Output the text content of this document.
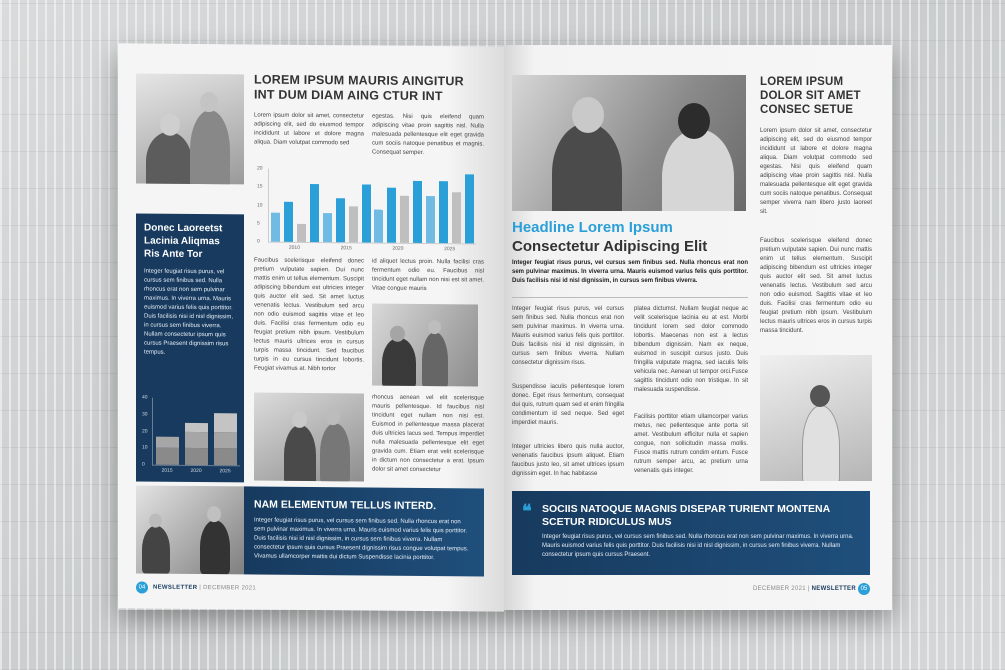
LOREM IPSUM MAURIS AINGITUR INT DUM DIAM AING CTUR INT
Lorem ipsum dolor sit amet, consectetur adipiscing elit, sed do eiusmod tempor incididunt ut labore et dolore magna aliqua. Diam volutpat commodo sed
egestas. Nisi quis eleifend quam adipiscing vitae proin sagittis nisl. Nulla malesuada pellentesque elit eget gravida cum sociis natoque penatibus et magnis. Consequat semper.
Donec Laoreetst Lacinia Aliqmas Ris Ante Tor
Integer feugiat risus purus, vel cursus sem finibus sed. Nulla rhoncus erat non sem pulvinar maximus. In viverra urna. Mauris euismod varius felis quis porttitor. Duis facilisis nisi id nisl dignissim, in cursus sem finibus viverra. Nullam consectetur ipsum quis cursus Praesent dignissim risus tempus.
2015	2020	2025
0
10
20
30
40
2010	2015	2020	2025
0
5
10
15
20
Faucibus scelerisque eleifend donec pretium vulputate sapien. Dui nunc mattis enim ut tellus elementum. Suscipit adipiscing bibendum est ultricies integer quis auctor elit sed. Sit amet luctus venenatis lectus. Vestibulum sed arcu non odio euismod sagittis vitae et leo duis. Facilisi cras fermentum odio eu feugiat pretium nibh ipsum. Vestibulum lectus mauris ultrices eros in cursus turpis massa tincidunt. Sed faucibus turpis in eu cursus tincidunt lobortis. Feugiat vivamus at. Nibh tortor
id aliquet lectus proin. Nulla facilisi cras fermentum odio eu. Faucibus nisl tincidunt eget nullam non nisi est sit amet. Vitae congue mauris
rhoncus aenean vel elit scelerisque mauris pellentesque. Id faucibus nisl tincidunt eget nullam non nisi est. Euismod in pellentesque massa placerat duis ultricies lacus sed. Tempus imperdiet nulla malesuada pellentesque elit eget gravida cum. Etiam erat velit scelerisque in dictum non consectetur a erat. Ipsum dolor sit amet consectetur
NAM ELEMENTUM TELLUS INTERD.
Integer feugiat risus purus, vel cursus sem finibus sed. Nulla rhoncus erat non sem pulvinar maximus. In viverra urna. Mauris euismod varius felis quis porttitor. Duis facilisis nisi id nisl dignissim, in cursus sem finibus viverra. Nullam consectetur ipsum quis cursus Praesent dignissim risus congue volutpat tempus. Vivamus ullamcorper mattis dui dictum Suspendisse lacinia porttitor.
04	NEWSLETTER | DECEMBER 2021
Headline Lorem Ipsum
Consectetur Adipiscing Elit
Integer feugiat risus purus, vel cursus sem finibus sed. Nulla rhoncus erat non sem pulvinar maximus. In viverra urna. Mauris euismod varius felis quis porttitor. Duis facilisis nisi id nisl dignissim, in cursus sem finibus viverra.
Integer feugiat risus purus, vel cursus sem finibus sed. Nulla rhoncus erat non sem pulvinar maximus. In viverra urna. Mauris euismod varius felis quis porttitor. Duis facilisis nisi id nisl dignissim, in cursus sem finibus viverra. Nullam consectetur dignissim risus.
Suspendisse iaculis pellentesque lorem donec. Eget risus fermentum, consequat dui quis, rutrum quam sed et enim fringilla condimentum id sed neque. Sed eget imperdiet mauris.
Integer ultricies libero quis nulla auctor, venenatis faucibus ipsum aliquet. Etiam faucibus justo leo, sit amet ultrices ipsum dignissim eget. In hac habitasse
platea dictumst. Nullam feugiat neque ac velit scelerisque lacinia eu at est. Morbi tincidunt lorem sed dolor commodo lobortis. Maecenas non est a lectus bibendum dignissim. Nam ex neque, euismod in suscipit cursus justo. Duis fringilla vulputate magna, sed iaculis felis vehicula nec. Aenean ut tempor orci.Fusce sagittis tincidunt odio non tristique. In sit malesuada suspendisse.
Facilisis porttitor etiam ullamcorper varius metus, nec pellentesque ante porta sit amet. Vestibulum efficitur nulla et sapien congue, non sollicitudin massa mollis. Fusce mattis rutrum condim entum. Fusce rutrum semper arcu, ac pretium urna venenatis quis integer.
LOREM IPSUM DOLOR SIT AMET CONSEC SETUE
Lorem ipsum dolor sit amet, consectetur adipiscing elit, sed do eiusmod tempor incididunt ut labore et dolore magna aliqua. Diam volutpat commodo sed egestas. Nisi quis eleifend quam adipiscing vitae proin sagittis nisl. Nulla malesuada pellentesque elit eget gravida cum sociis natoque penatibus. Consequat semper viverra nam libero justo laoreet sit.
Faucibus scelerisque eleifend donec pretium vulputate sapien. Dui nunc mattis enim ut tellus elementum. Suscipit adipiscing bibendum est ultricies integer quis auctor elit sed. Sit amet luctus venenatis lectus. Vestibulum sed arcu non odio euismod. Sagittis vitae et leo duis. Facilisi cras fermentum odio eu feugiat pretium nibh ipsum. Vestibulum lectus mauris ultrices eros in cursus turpis massa tincidunt.
❝ SOCIIS NATOQUE MAGNIS DISEPAR TURIENT MONTENA SCETUR RIDICULUS MUS
Integer feugiat risus purus, vel cursus sem finibus sed. Nulla rhoncus erat non sem pulvinar maximus. In viverra urna. Mauris euismod varius felis quis porttitor. Duis facilisis nisi id nisl dignissim, in cursus sem finibus viverra. Nullam consectetur ipsum quis cursus Praesent.
DECEMBER 2021 | NEWSLETTER 05
